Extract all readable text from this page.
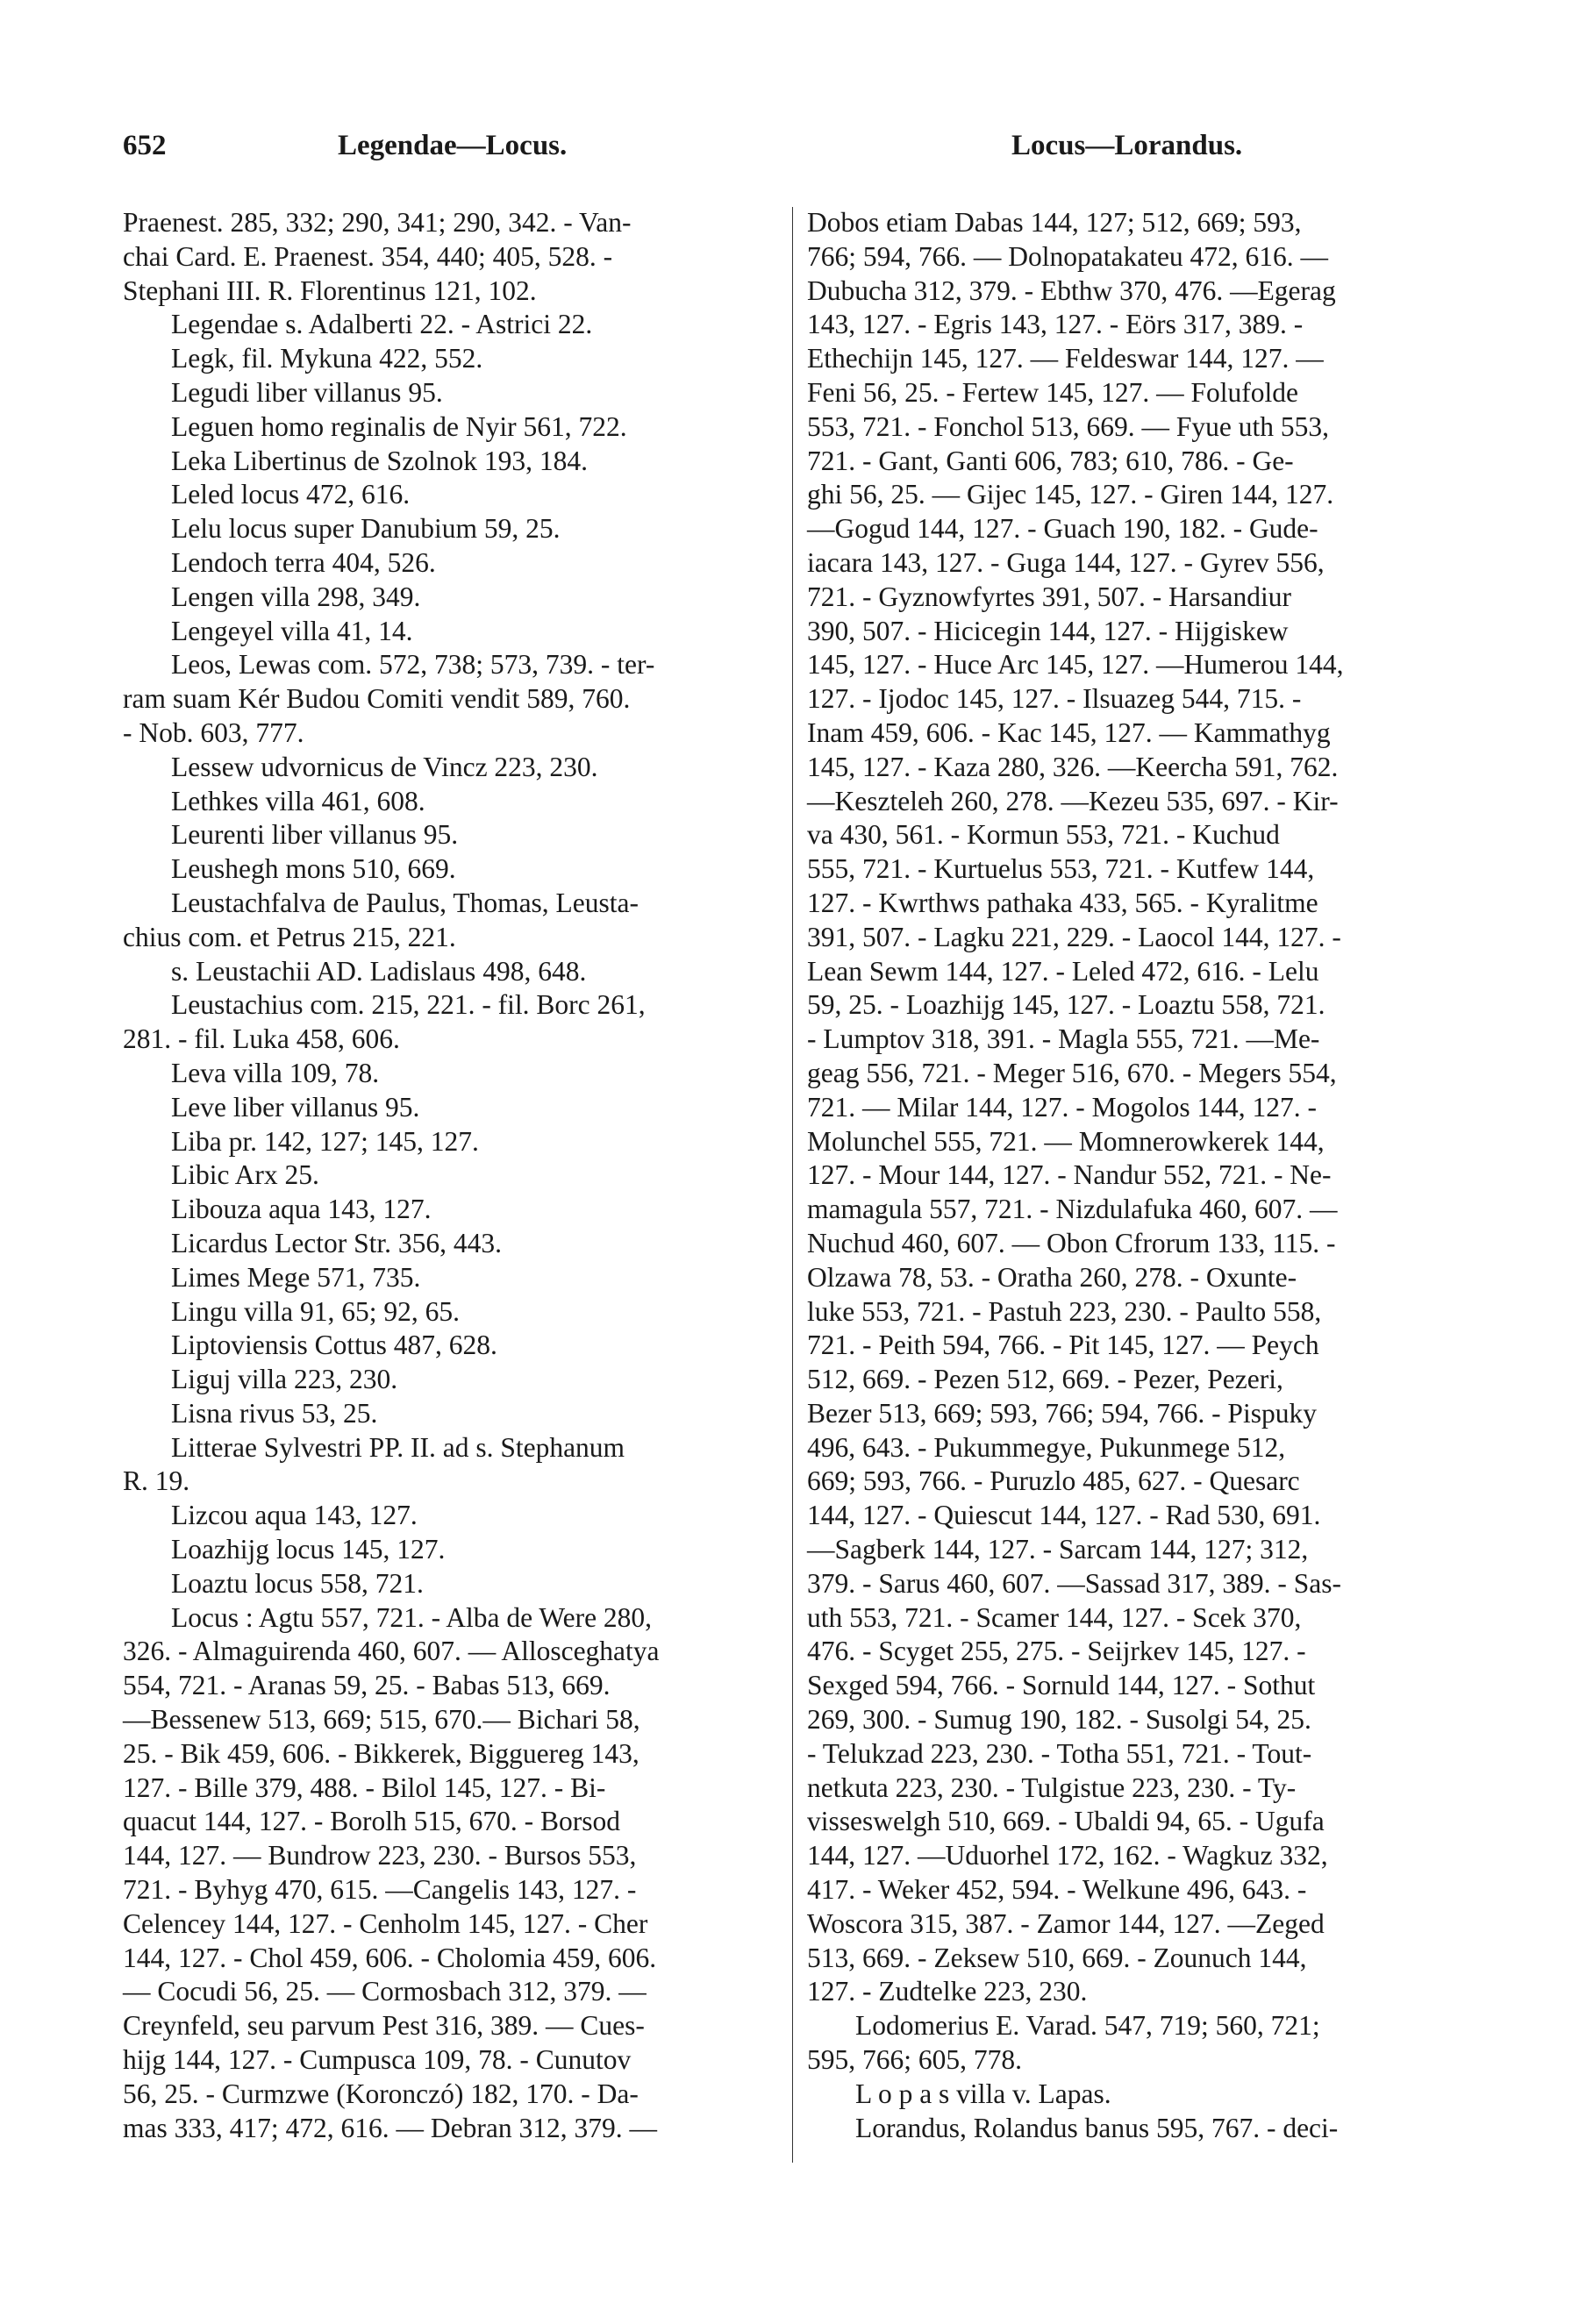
652	Legendae—Locus.	Locus—Lorandus.
Praenest. 285, 332; 290, 341; 290, 342. - Van-
chai Card. E. Praenest. 354, 440; 405, 528. -
Stephani III. R. Florentinus 121, 102.
Legendae s. Adalberti 22. - Astrici 22.
Legk, fil. Mykuna 422, 552.
Legudi liber villanus 95.
Leguen homo reginalis de Nyir 561, 722.
Leka Libertinus de Szolnok 193, 184.
Leled locus 472, 616.
Lelu locus super Danubium 59, 25.
Lendoch terra 404, 526.
Lengen villa 298, 349.
Lengeyel villa 41, 14.
Leos, Lewas com. 572, 738; 573, 739. - ter-
ram suam Kér Budou Comiti vendit 589, 760.
- Nob. 603, 777.
Lessew udvornicus de Vincz 223, 230.
Lethkes villa 461, 608.
Leurenti liber villanus 95.
Leushegh mons 510, 669.
Leustachfalva de Paulus, Thomas, Leusta-
chius com. et Petrus 215, 221.
s. Leustachii AD. Ladislaus 498, 648.
Leustachius com. 215, 221. - fil. Borc 261,
281. - fil. Luka 458, 606.
Leva villa 109, 78.
Leve liber villanus 95.
Liba pr. 142, 127; 145, 127.
Libic Arx 25.
Libouza aqua 143, 127.
Licardus Lector Str. 356, 443.
Limes Mege 571, 735.
Lingu villa 91, 65; 92, 65.
Liptoviensis Cottus 487, 628.
Liguj villa 223, 230.
Lisna rivus 53, 25.
Litterae Sylvestri PP. II. ad s. Stephanum
R. 19.
Lizcou aqua 143, 127.
Loazhijg locus 145, 127.
Loaztu locus 558, 721.
Locus : Agtu 557, 721. - Alba de Were 280,
326. - Almaguirenda 460, 607. — Allosceghatya
554, 721. - Aranas 59, 25. - Babas 513, 669.
—Bessenew 513, 669; 515, 670.— Bichari 58,
25. - Bik 459, 606. - Bikkerek, Bigguereg 143,
127. - Bille 379, 488. - Bilol 145, 127. - Bi-
quacut 144, 127. - Borolh 515, 670. - Borsod
144, 127. — Bundrow 223, 230. - Bursos 553,
721. - Byhyg 470, 615. —Cangelis 143, 127. -
Celencey 144, 127. - Cenholm 145, 127. - Cher
144, 127. - Chol 459, 606. - Cholomia 459, 606.
— Cocudi 56, 25. — Cormosbach 312, 379. —
Creynfeld, seu parvum Pest 316, 389. — Cues-
hijg 144, 127. - Cumpusca 109, 78. - Cunutov
56, 25. - Curmzwe (Koronczó) 182, 170. - Da-
mas 333, 417; 472, 616. — Debran 312, 379. —
Dobos etiam Dabas 144, 127; 512, 669; 593,
766; 594, 766. — Dolnopatakateu 472, 616. —
Dubucha 312, 379. - Ebthw 370, 476. —Egerag
143, 127. - Egris 143, 127. - Eörs 317, 389. -
Ethechijn 145, 127. — Feldeswar 144, 127. —
Feni 56, 25. - Fertew 145, 127. — Folufolde
553, 721. - Fonchol 513, 669. — Fyue uth 553,
721. - Gant, Ganti 606, 783; 610, 786. - Ge-
ghi 56, 25. — Gijec 145, 127. - Giren 144, 127.
—Gogud 144, 127. - Guach 190, 182. - Gude-
iacara 143, 127. - Guga 144, 127. - Gyrev 556,
721. - Gyznowfyrtes 391, 507. - Harsandiur
390, 507. - Hicicegin 144, 127. - Hijgiskew
145, 127. - Huce Arc 145, 127. —Humerou 144,
127. - Ijodoc 145, 127. - Ilsuazeg 544, 715. -
Inam 459, 606. - Kac 145, 127. — Kammathyg
145, 127. - Kaza 280, 326. —Keercha 591, 762.
—Keszteleh 260, 278. —Kezeu 535, 697. - Kir-
va 430, 561. - Kormun 553, 721. - Kuchud
555, 721. - Kurtuelus 553, 721. - Kutfew 144,
127. - Kwrthws pathaka 433, 565. - Kyralitme
391, 507. - Lagku 221, 229. - Laocol 144, 127. -
Lean Sewm 144, 127. - Leled 472, 616. - Lelu
59, 25. - Loazhijg 145, 127. - Loaztu 558, 721.
- Lumptov 318, 391. - Magla 555, 721. —Me-
geag 556, 721. - Meger 516, 670. - Megers 554,
721. — Milar 144, 127. - Mogolos 144, 127. -
Molunchel 555, 721. — Momnerowkerek 144,
127. - Mour 144, 127. - Nandur 552, 721. - Ne-
mamagula 557, 721. - Nizdulafuka 460, 607. —
Nuchud 460, 607. — Obon Cfrorum 133, 115. -
Olzawa 78, 53. - Oratha 260, 278. - Oxunte-
luke 553, 721. - Pastuh 223, 230. - Paulto 558,
721. - Peith 594, 766. - Pit 145, 127. — Peych
512, 669. - Pezen 512, 669. - Pezer, Pezeri,
Bezer 513, 669; 593, 766; 594, 766. - Pispuky
496, 643. - Pukummegye, Pukunmege 512,
669; 593, 766. - Puruzlo 485, 627. - Quesarc
144, 127. - Quiescut 144, 127. - Rad 530, 691.
—Sagberk 144, 127. - Sarcam 144, 127; 312,
379. - Sarus 460, 607. —Sassad 317, 389. - Sas-
uth 553, 721. - Scamer 144, 127. - Scek 370,
476. - Scyget 255, 275. - Seijrkev 145, 127. -
Sexged 594, 766. - Sornuld 144, 127. - Sothut
269, 300. - Sumug 190, 182. - Susolgi 54, 25.
- Telukzad 223, 230. - Totha 551, 721. - Tout-
netkuta 223, 230. - Tulgistue 223, 230. - Ty-
visseswelgh 510, 669. - Ubaldi 94, 65. - Ugufa
144, 127. —Uduorhel 172, 162. - Wagkuz 332,
417. - Weker 452, 594. - Welkune 496, 643. -
Woscora 315, 387. - Zamor 144, 127. —Zeged
513, 669. - Zeksew 510, 669. - Zounuch 144,
127. - Zudtelke 223, 230.
Lodomerius E. Varad. 547, 719; 560, 721;
595, 766; 605, 778.
L o p a s villa v. Lapas.
Lorandus, Rolandus banus 595, 767. - deci-
